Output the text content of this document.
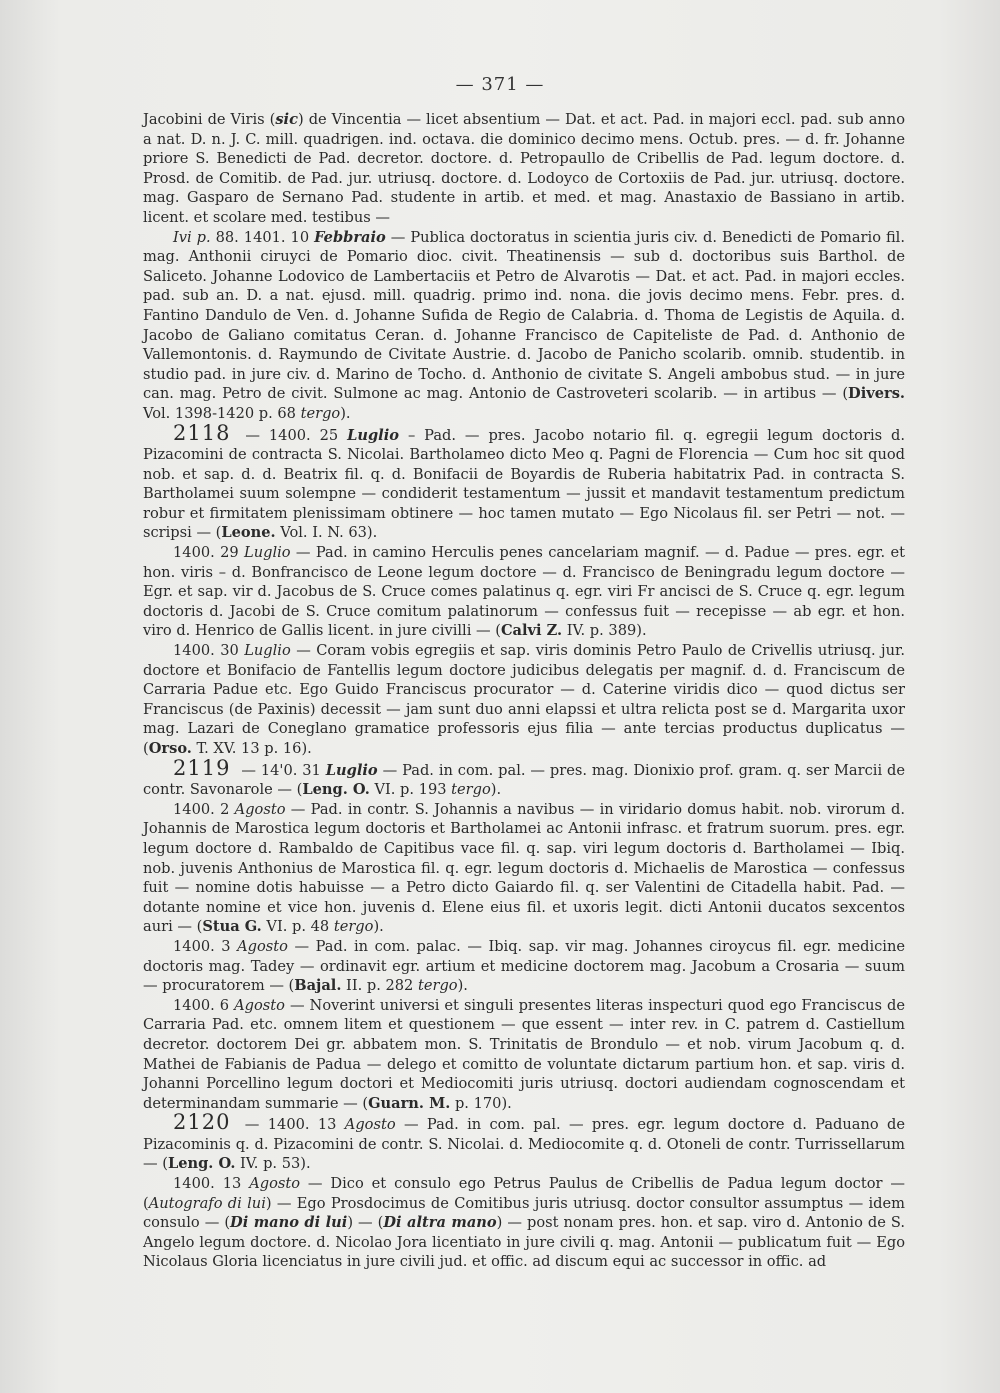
— 371 —

Jacobini de Viris (sic) de Vincentia — licet absentium — Dat. et act. Pad. in majori eccl. pad. sub anno a nat. D. n. J. C. mill. quadrigen. ind. octava. die dominico decimo mens. Octub. pres. — d. fr. Johanne priore S. Benedicti de Pad. decretor. doctore. d. Petropaullo de Cribellis de Pad. legum doctore. d. Prosd. de Comitib. de Pad. jur. utriusq. doctore. d. Lodoyco de Cortoxiis de Pad. jur. utriusq. doctore. mag. Gasparo de Sernano Pad. studente in artib. et med. et mag. Anastaxio de Bassiano in artib. licent. et scolare med. testibus —

Ivi p. 88. 1401. 10 Febbraio — Publica doctoratus in scientia juris civ. d. Benedicti de Pomario fil. mag. Anthonii ciruyci de Pomario dioc. civit. Theatinensis — sub d. doctoribus suis Barthol. de Saliceto. Johanne Lodovico de Lambertaciis et Petro de Alvarotis — Dat. et act. Pad. in majori eccles. pad. sub an. D. a nat. ejusd. mill. quadrig. primo ind. nona. die jovis decimo mens. Febr. pres. d. Fantino Dandulo de Ven. d. Johanne Sufida de Regio de Calabria. d. Thoma de Legistis de Aquila. d. Jacobo de Galiano comitatus Ceran. d. Johanne Francisco de Capiteliste de Pad. d. Anthonio de Vallemontonis. d. Raymundo de Civitate Austrie. d. Jacobo de Panicho scolarib. omnib. studentib. in studio pad. in jure civ. d. Marino de Tocho. d. Anthonio de civitate S. Angeli ambobus stud. — in jure can. mag. Petro de civit. Sulmone ac mag. Antonio de Castroveteri scolarib. — in artibus — (Divers. Vol. 1398-1420 p. 68 tergo).

2118 — 1400. 25 Luglio – Pad. — pres. Jacobo notario fil. q. egregii legum doctoris d. Pizacomini de contracta S. Nicolai. Bartholameo dicto Meo q. Pagni de Florencia — Cum hoc sit quod nob. et sap. d. d. Beatrix fil. q. d. Bonifacii de Boyardis de Ruberia habitatrix Pad. in contracta S. Bartholamei suum solempne — condiderit testamentum — jussit et mandavit testamentum predictum robur et firmitatem plenissimam obtinere — hoc tamen mutato — Ego Nicolaus fil. ser Petri — not. — scripsi — (Leone. Vol. I. N. 63).

1400. 29 Luglio — Pad. in camino Herculis penes cancelariam magnif. — d. Padue — pres. egr. et hon. viris – d. Bonfrancisco de Leone legum doctore — d. Francisco de Beningradu legum doctore — Egr. et sap. vir d. Jacobus de S. Cruce comes palatinus q. egr. viri Fr ancisci de S. Cruce q. egr. legum doctoris d. Jacobi de S. Cruce comitum palatinorum — confessus fuit — recepisse — ab egr. et hon. viro d. Henrico de Gallis licent. in jure civilli — (Calvi Z. IV. p. 389).

1400. 30 Luglio — Coram vobis egregiis et sap. viris dominis Petro Paulo de Crivellis utriusq. jur. doctore et Bonifacio de Fantellis legum doctore judicibus delegatis per magnif. d. d. Franciscum de Carraria Padue etc. Ego Guido Franciscus procurator — d. Caterine viridis dico — quod dictus ser Franciscus (de Paxinis) decessit — jam sunt duo anni elapssi et ultra relicta post se d. Margarita uxor mag. Lazari de Coneglano gramatice professoris ejus filia — ante tercias productus duplicatus — (Orso. T. XV. 13 p. 16).

2119 — 14'0. 31 Luglio — Pad. in com. pal. — pres. mag. Dionixio prof. gram. q. ser Marcii de contr. Savonarole — (Leng. O. VI. p. 193 tergo).

1400. 2 Agosto — Pad. in contr. S. Johannis a navibus — in viridario domus habit. nob. virorum d. Johannis de Marostica legum doctoris et Bartholamei ac Antonii infrasc. et fratrum suorum. pres. egr. legum doctore d. Rambaldo de Capitibus vace fil. q. sap. viri legum doctoris d. Bartholamei — Ibiq. nob. juvenis Anthonius de Marostica fil. q. egr. legum doctoris d. Michaelis de Marostica — confessus fuit — nomine dotis habuisse — a Petro dicto Gaiardo fil. q. ser Valentini de Citadella habit. Pad. — dotante nomine et vice hon. juvenis d. Elene eius fil. et uxoris legit. dicti Antonii ducatos sexcentos auri — (Stua G. VI. p. 48 tergo).

1400. 3 Agosto — Pad. in com. palac. — Ibiq. sap. vir mag. Johannes ciroycus fil. egr. medicine doctoris mag. Tadey — ordinavit egr. artium et medicine doctorem mag. Jacobum a Crosaria — suum — procuratorem — (Bajal. II. p. 282 tergo).

1400. 6 Agosto — Noverint universi et singuli presentes literas inspecturi quod ego Franciscus de Carraria Pad. etc. omnem litem et questionem — que essent — inter rev. in C. patrem d. Castiellum decretor. doctorem Dei gr. abbatem mon. S. Trinitatis de Brondulo — et nob. virum Jacobum q. d. Mathei de Fabianis de Padua — delego et comitto de voluntate dictarum partium hon. et sap. viris d. Johanni Porcellino legum doctori et Mediocomiti juris utriusq. doctori audiendam cognoscendam et determinandam summarie — (Guarn. M. p. 170).

2120 — 1400. 13 Agosto — Pad. in com. pal. — pres. egr. legum doctore d. Paduano de Pizacominis q. d. Pizacomini de contr. S. Nicolai. d. Mediocomite q. d. Otoneli de contr. Turrissellarum — (Leng. O. IV. p. 53).

1400. 13 Agosto — Dico et consulo ego Petrus Paulus de Cribellis de Padua legum doctor — (Autografo di lui) — Ego Prosdocimus de Comitibus juris utriusq. doctor consultor assumptus — idem consulo — (Di mano di lui) — (Di altra mano) — post nonam pres. hon. et sap. viro d. Antonio de S. Angelo legum doctore. d. Nicolao Jora licentiato in jure civili q. mag. Antonii — publicatum fuit — Ego Nicolaus Gloria licenciatus in jure civili jud. et offic. ad discum equi ac successor in offic. ad
